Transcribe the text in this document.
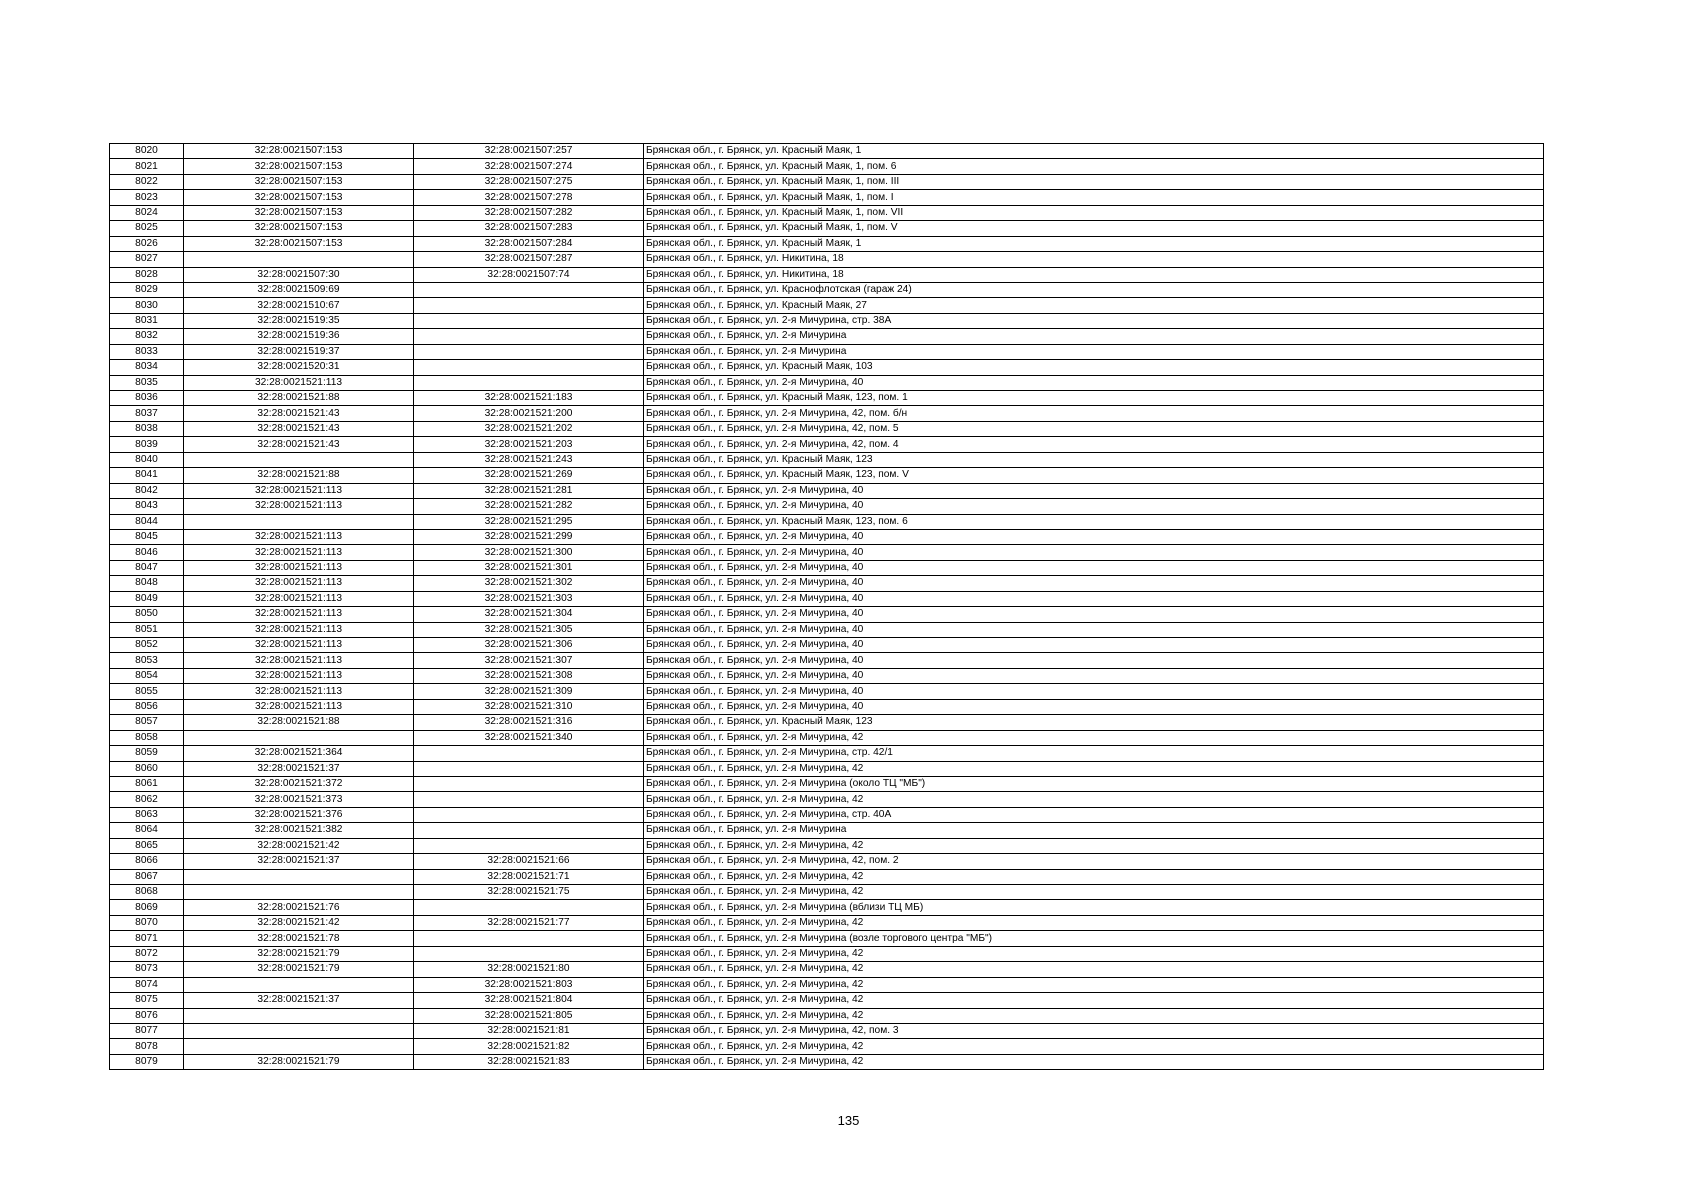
8020	32:28:0021507:153	32:28:0021507:257	Брянская обл., г. Брянск, ул. Красный Маяк, 1
8021	32:28:0021507:153	32:28:0021507:274	Брянская обл., г. Брянск, ул. Красный Маяк, 1, пом. 6
8022	32:28:0021507:153	32:28:0021507:275	Брянская обл., г. Брянск, ул. Красный Маяк, 1, пом. III
8023	32:28:0021507:153	32:28:0021507:278	Брянская обл., г. Брянск, ул. Красный Маяк, 1, пом. I
8024	32:28:0021507:153	32:28:0021507:282	Брянская обл., г. Брянск, ул. Красный Маяк, 1, пом. VII
8025	32:28:0021507:153	32:28:0021507:283	Брянская обл., г. Брянск, ул. Красный Маяк, 1, пом. V
8026	32:28:0021507:153	32:28:0021507:284	Брянская обл., г. Брянск, ул. Красный Маяк, 1
8027		32:28:0021507:287	Брянская обл., г. Брянск, ул. Никитина, 18
8028	32:28:0021507:30	32:28:0021507:74	Брянская обл., г. Брянск, ул. Никитина, 18
8029	32:28:0021509:69		Брянская обл., г. Брянск, ул. Краснофлотская (гараж 24)
8030	32:28:0021510:67		Брянская обл., г. Брянск, ул. Красный Маяк, 27
8031	32:28:0021519:35		Брянская обл., г. Брянск, ул. 2-я Мичурина, стр. 38А
8032	32:28:0021519:36		Брянская обл., г. Брянск, ул. 2-я Мичурина
8033	32:28:0021519:37		Брянская обл., г. Брянск, ул. 2-я Мичурина
8034	32:28:0021520:31		Брянская обл., г. Брянск, ул. Красный Маяк, 103
8035	32:28:0021521:113		Брянская обл., г. Брянск, ул. 2-я Мичурина, 40
8036	32:28:0021521:88	32:28:0021521:183	Брянская обл., г. Брянск, ул. Красный Маяк, 123, пом. 1
8037	32:28:0021521:43	32:28:0021521:200	Брянская обл., г. Брянск, ул. 2-я Мичурина, 42, пом. б/н
8038	32:28:0021521:43	32:28:0021521:202	Брянская обл., г. Брянск, ул. 2-я Мичурина, 42, пом. 5
8039	32:28:0021521:43	32:28:0021521:203	Брянская обл., г. Брянск, ул. 2-я Мичурина, 42, пом. 4
8040		32:28:0021521:243	Брянская обл., г. Брянск, ул. Красный Маяк, 123
8041	32:28:0021521:88	32:28:0021521:269	Брянская обл., г. Брянск, ул. Красный Маяк, 123, пом. V
8042	32:28:0021521:113	32:28:0021521:281	Брянская обл., г. Брянск, ул. 2-я Мичурина, 40
8043	32:28:0021521:113	32:28:0021521:282	Брянская обл., г. Брянск, ул. 2-я Мичурина, 40
8044		32:28:0021521:295	Брянская обл., г. Брянск, ул. Красный Маяк, 123, пом. 6
8045	32:28:0021521:113	32:28:0021521:299	Брянская обл., г. Брянск, ул. 2-я Мичурина, 40
8046	32:28:0021521:113	32:28:0021521:300	Брянская обл., г. Брянск, ул. 2-я Мичурина, 40
8047	32:28:0021521:113	32:28:0021521:301	Брянская обл., г. Брянск, ул. 2-я Мичурина, 40
8048	32:28:0021521:113	32:28:0021521:302	Брянская обл., г. Брянск, ул. 2-я Мичурина, 40
8049	32:28:0021521:113	32:28:0021521:303	Брянская обл., г. Брянск, ул. 2-я Мичурина, 40
8050	32:28:0021521:113	32:28:0021521:304	Брянская обл., г. Брянск, ул. 2-я Мичурина, 40
8051	32:28:0021521:113	32:28:0021521:305	Брянская обл., г. Брянск, ул. 2-я Мичурина, 40
8052	32:28:0021521:113	32:28:0021521:306	Брянская обл., г. Брянск, ул. 2-я Мичурина, 40
8053	32:28:0021521:113	32:28:0021521:307	Брянская обл., г. Брянск, ул. 2-я Мичурина, 40
8054	32:28:0021521:113	32:28:0021521:308	Брянская обл., г. Брянск, ул. 2-я Мичурина, 40
8055	32:28:0021521:113	32:28:0021521:309	Брянская обл., г. Брянск, ул. 2-я Мичурина, 40
8056	32:28:0021521:113	32:28:0021521:310	Брянская обл., г. Брянск, ул. 2-я Мичурина, 40
8057	32:28:0021521:88	32:28:0021521:316	Брянская обл., г. Брянск, ул. Красный Маяк, 123
8058		32:28:0021521:340	Брянская обл., г. Брянск, ул. 2-я Мичурина, 42
8059	32:28:0021521:364		Брянская обл., г. Брянск, ул. 2-я Мичурина, стр. 42/1
8060	32:28:0021521:37		Брянская обл., г. Брянск, ул. 2-я Мичурина, 42
8061	32:28:0021521:372		Брянская обл., г. Брянск, ул. 2-я Мичурина (около ТЦ "МБ")
8062	32:28:0021521:373		Брянская обл., г. Брянск, ул. 2-я Мичурина, 42
8063	32:28:0021521:376		Брянская обл., г. Брянск, ул. 2-я Мичурина, стр. 40А
8064	32:28:0021521:382		Брянская обл., г. Брянск, ул. 2-я Мичурина
8065	32:28:0021521:42		Брянская обл., г. Брянск, ул. 2-я Мичурина, 42
8066	32:28:0021521:37	32:28:0021521:66	Брянская обл., г. Брянск, ул. 2-я Мичурина, 42, пом. 2
8067		32:28:0021521:71	Брянская обл., г. Брянск, ул. 2-я Мичурина, 42
8068		32:28:0021521:75	Брянская обл., г. Брянск, ул. 2-я Мичурина, 42
8069	32:28:0021521:76		Брянская обл., г. Брянск, ул. 2-я Мичурина (вблизи ТЦ МБ)
8070	32:28:0021521:42	32:28:0021521:77	Брянская обл., г. Брянск, ул. 2-я Мичурина, 42
8071	32:28:0021521:78		Брянская обл., г. Брянск, ул. 2-я Мичурина (возле торгового центра "МБ")
8072	32:28:0021521:79		Брянская обл., г. Брянск, ул. 2-я Мичурина, 42
8073	32:28:0021521:79	32:28:0021521:80	Брянская обл., г. Брянск, ул. 2-я Мичурина, 42
8074		32:28:0021521:803	Брянская обл., г. Брянск, ул. 2-я Мичурина, 42
8075	32:28:0021521:37	32:28:0021521:804	Брянская обл., г. Брянск, ул. 2-я Мичурина, 42
8076		32:28:0021521:805	Брянская обл., г. Брянск, ул. 2-я Мичурина, 42
8077		32:28:0021521:81	Брянская обл., г. Брянск, ул. 2-я Мичурина, 42, пом. 3
8078		32:28:0021521:82	Брянская обл., г. Брянск, ул. 2-я Мичурина, 42
8079	32:28:0021521:79	32:28:0021521:83	Брянская обл., г. Брянск, ул. 2-я Мичурина, 42
135
